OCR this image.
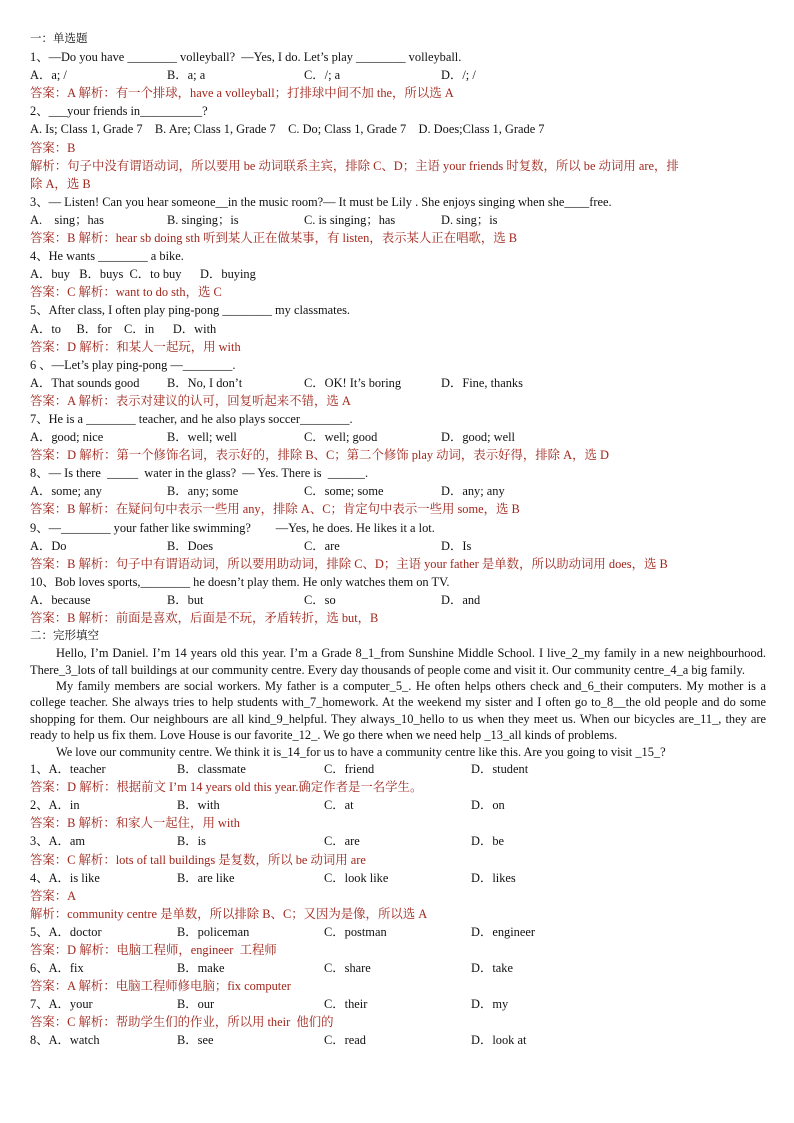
一：单选题
1、—Do you have ________ volleyball?  —Yes, I do. Let’s play ________ volleyball.
A．a; /	B．a; a	C．/; a	D．/; /
答案：A 解析：有一个排球，have a volleyball；打排球中间不加 the，所以选 A
2、___your friends in__________?
A. Is; Class 1, Grade 7    B. Are; Class 1, Grade 7    C. Do; Class 1, Grade 7    D. Does;Class 1, Grade 7
答案：B
解析：句子中没有谓语动词，所以要用 be 动词联系主宾，排除 C、D；主语 your friends 时复数，所以 be 动词用 are，排
除 A，选 B
3、— Listen! Can you hear someone__in the music room?— It must be Lily . She enjoys singing when she____free.
A.    sing；has	B. singing；is	C. is singing；has	D. sing；is
答案：B 解析：hear sb doing sth 听到某人正在做某事，有 listen，表示某人正在唱歌，选 B
4、He wants ________ a bike.
A．buy   B．buys  C．to buy      D．buying
答案：C 解析：want to do sth，选 C
5、After class, I often play ping-pong ________ my classmates.
A．to     B．for    C．in      D．with
答案：D 解析：和某人一起玩，用 with
6 、—Let’s play ping-pong —________.
A．That sounds good B．No, I don’t	C．OK! It’s boring	D．Fine, thanks
答案：A 解析：表示对建议的认可，回复听起来不错，选 A
7、He is a ________ teacher, and he also plays soccer________.
A．good; nice	B．well; well	C．well; good	D．good; well
答案：D 解析：第一个修饰名词，表示好的，排除 B、C；第二个修饰 play 动词，表示好得，排除 A，选 D
8、— Is there  _____  water in the glass?  — Yes. There is  ______.
A．some; any	B．any; some	C．some; some	D．any; any
答案：B 解析：在疑问句中表示一些用 any，排除 A、C；肯定句中表示一些用 some，选 B
9、—________ your father like swimming?        —Yes, he does. He likes it a lot.
A．Do	B．Does	C．are	D．Is
答案：B 解析：句子中有谓语动词，所以要用助动词，排除 C、D；主语 your father 是单数，所以助动词用 does，选 B
10、Bob loves sports,________ he doesn’t play them. He only watches them on TV.
A．because	B．but	C．so	D．and
答案：B 解析：前面是喜欢，后面是不玩，矛盾转折，选 but，B
二：完形填空
Hello, I’m Daniel. I’m 14 years old this year. I’m a Grade 8_1_from Sunshine Middle School. I live_2_my family in a new neighbourhood. There_3_lots of tall buildings at our community centre. Every day thousands of people come and visit it. Our community centre_4_a big family.
My family members are social workers. My father is a computer_5_. He often helps others check and_6_their computers. My mother is a college teacher. She always tries to help students with_7_homework. At the weekend my sister and I often go to_8__the old people and do some shopping for them. Our neighbours are all kind_9_helpful. They always_10_hello to us when they meet us. When our bicycles are_11_, they are ready to help us fix them. Love House is our favorite_12_. We go there when we need help _13_all kinds of problems.
We love our community centre. We think it is_14_for us to have a community centre like this. Are you going to visit _15_?
1、A．teacher	B．classmate	C．friend	D．student
答案：D 解析：根据前文 I’m 14 years old this year.确定作者是一名学生。
2、A．in	B．with	C．at	D．on
答案：B 解析：和家人一起住，用 with
3、A．am	B．is	C．are	D．be
答案：C 解析：lots of tall buildings 是复数，所以 be 动词用 are
4、A．is like	B．are like	C．look like	D．likes
答案：A
解析：community centre 是单数，所以排除 B、C；又因为是像，所以选 A
5、A．doctor	B．policeman	C．postman	D．engineer
答案：D 解析：电脑工程师，engineer  工程师
6、A．fix	B．make	C．share	D．take
答案：A 解析：电脑工程师修电脑；fix computer
7、A．your	B．our	C．their	D．my
答案：C 解析：帮助学生们的作业，所以用 their  他们的
8、A．watch	B．see	C．read	D．look at
